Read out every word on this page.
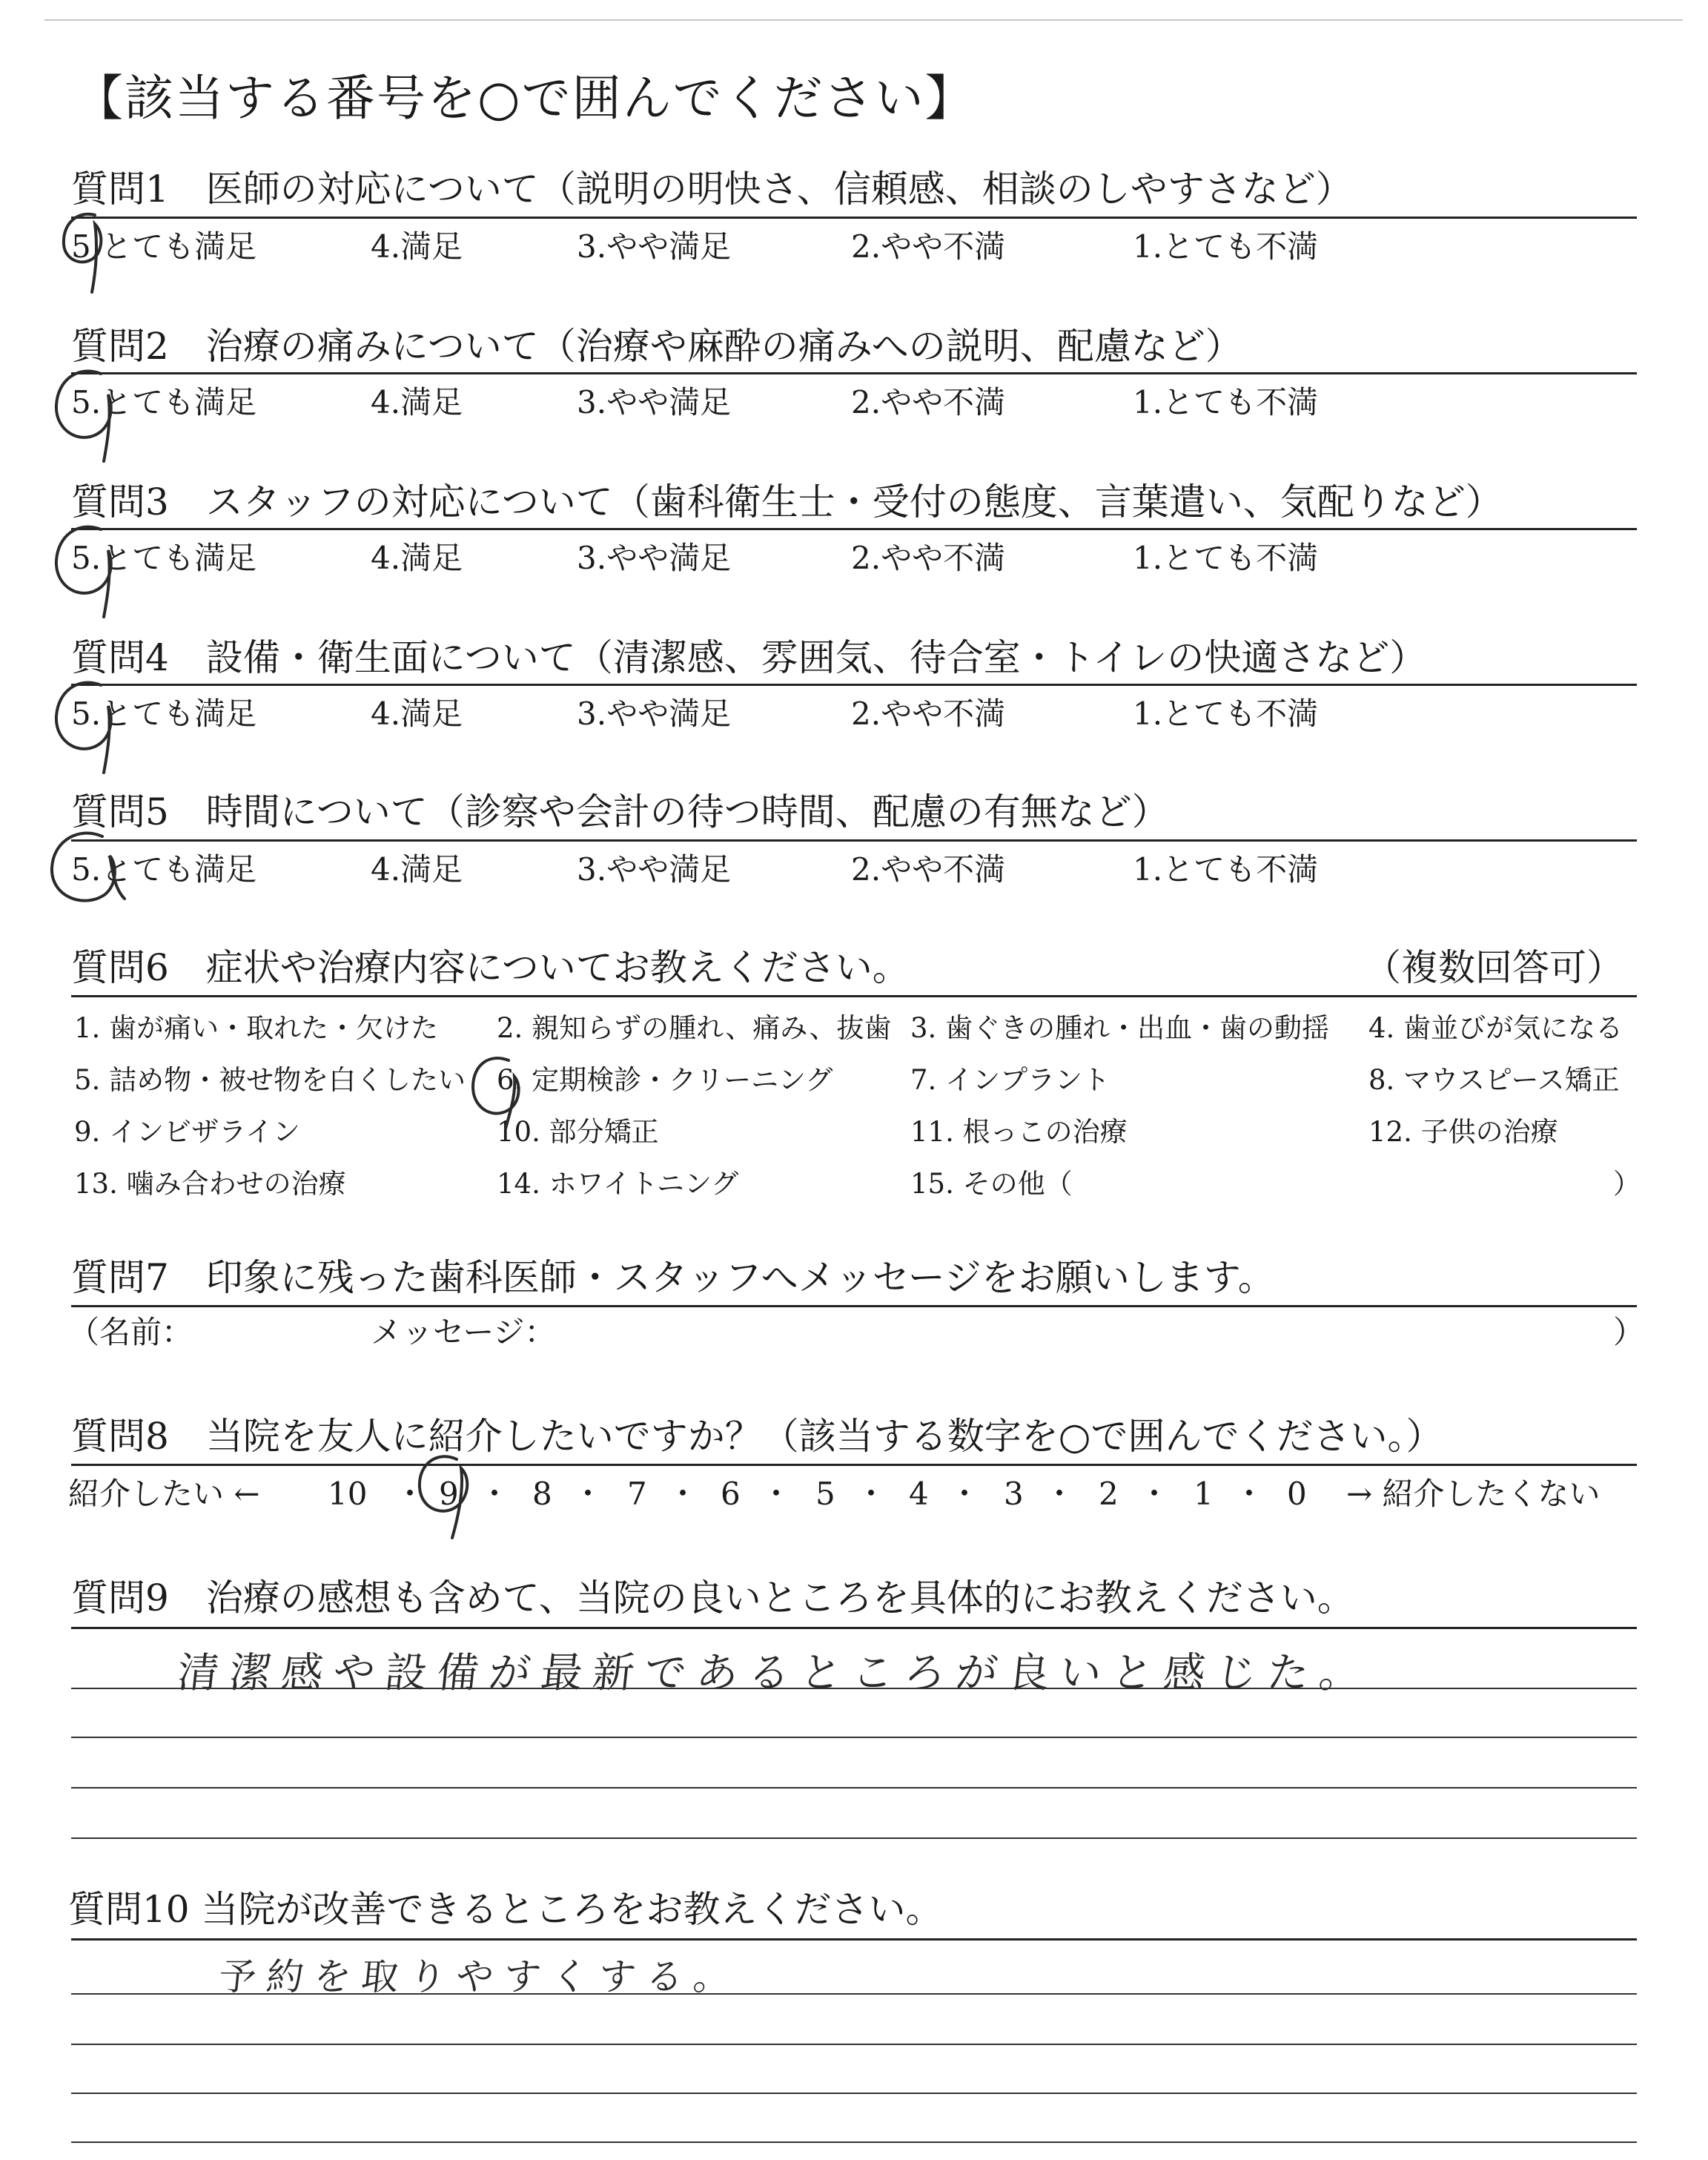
【該当する番号を○で囲んでください】
質問1　医師の対応について（説明の明快さ、信頼感、相談のしやすさなど）
5.とても満足	4.満足	3.やや満足	2.やや不満	1.とても不満
質問2　治療の痛みについて（治療や麻酔の痛みへの説明、配慮など）
5.とても満足	4.満足	3.やや満足	2.やや不満	1.とても不満
質問3　スタッフの対応について（歯科衛生士・受付の態度、言葉遣い、気配りなど）
5.とても満足	4.満足	3.やや満足	2.やや不満	1.とても不満
質問4　設備・衛生面について（清潔感、雰囲気、待合室・トイレの快適さなど）
5.とても満足	4.満足	3.やや満足	2.やや不満	1.とても不満
質問5　時間について（診察や会計の待つ時間、配慮の有無など）
5.とても満足	4.満足	3.やや満足	2.やや不満	1.とても不満
質問6　症状や治療内容についてお教えください。	（複数回答可）
1. 歯が痛い・取れた・欠けた 2. 親知らずの腫れ、痛み、抜歯 3. 歯ぐきの腫れ・出血・歯の動揺 4. 歯並びが気になる
5. 詰め物・被せ物を白くしたい 6. 定期検診・クリーニング	7. インプラント	8. マウスピース矯正
9. インビザライン	10. 部分矯正	11. 根っこの治療	12. 子供の治療
13. 噛み合わせの治療	14. ホワイトニング	15. その他（	）
質問7　印象に残った歯科医師・スタッフへメッセージをお願いします。
（名前：	メッセージ：	）
質問8　当院を友人に紹介したいですか？（該当する数字を○で囲んでください。）
紹介したい ←	→ 紹介したくない
10 ・ 9 ・ 8 ・ 7 ・ 6 ・ 5 ・ 4 ・ 3 ・ 2 ・ 1 ・ 0
質問9　治療の感想も含めて、当院の良いところを具体的にお教えください。
清潔感や設備が最新であるところが良いと感じた。
質問10 当院が改善できるところをお教えください。
予約を取りやすくする。
